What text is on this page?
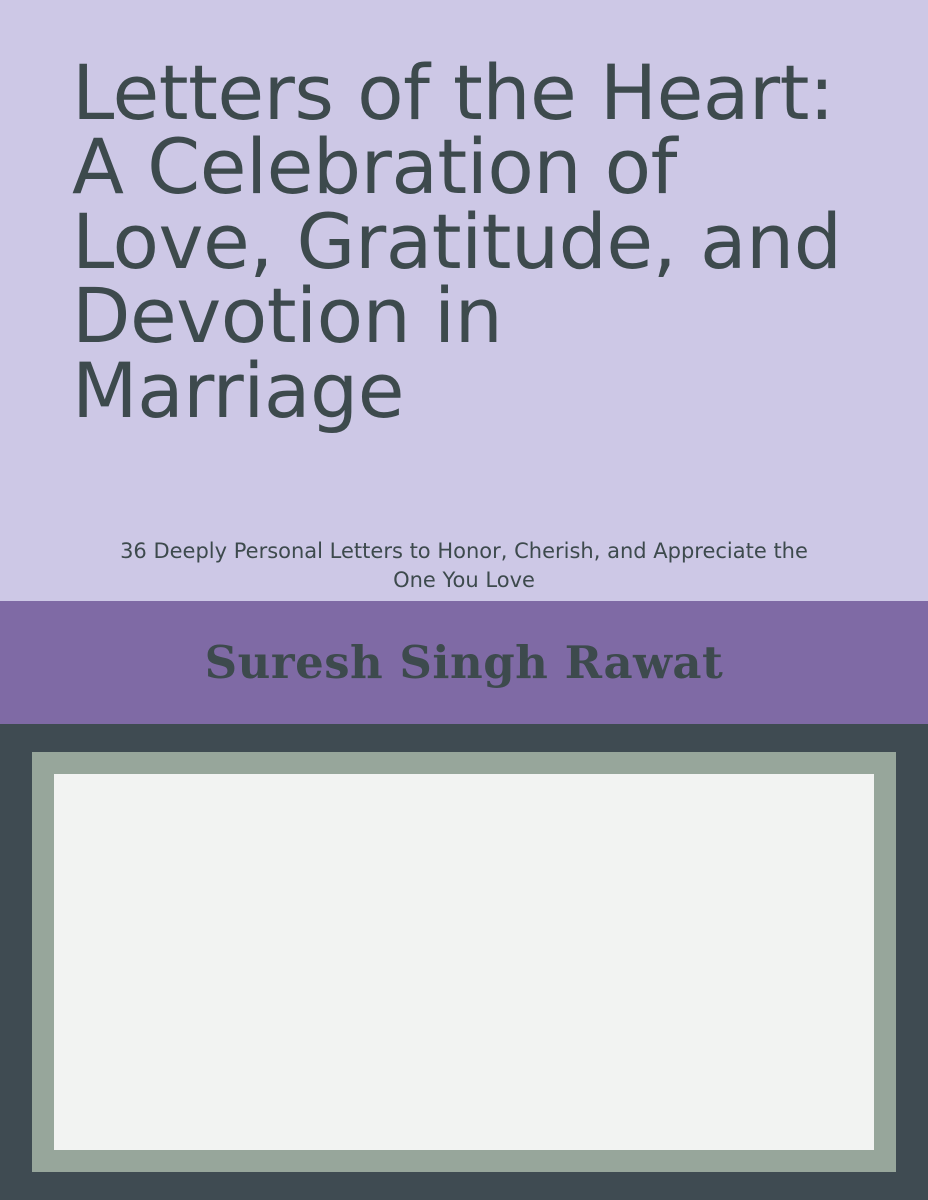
Letters of the Heart: A Celebration of Love, Gratitude, and Devotion in Marriage

36 Deeply Personal Letters to Honor, Cherish, and Appreciate the One You Love

Suresh Singh Rawat
